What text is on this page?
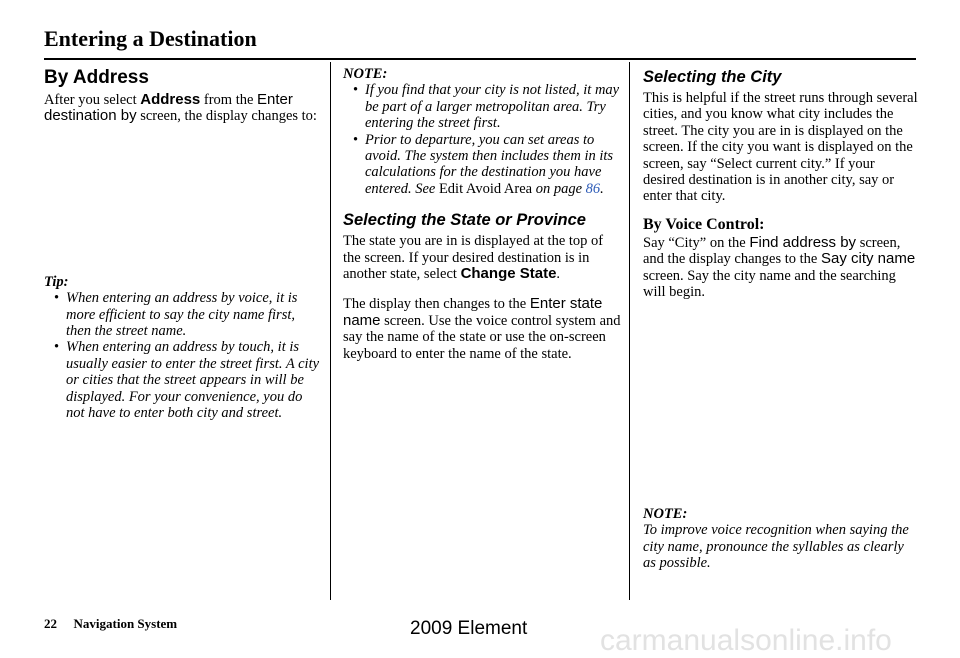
Entering a Destination
By Address

After you select Address from the Enter destination by screen, the display changes to:

Tip:
• When entering an address by voice, it is more efficient to say the city name first, then the street name.
• When entering an address by touch, it is usually easier to enter the street first. A city or cities that the street appears in will be displayed. For your convenience, you do not have to enter both city and street.
NOTE:
• If you find that your city is not listed, it may be part of a larger metropolitan area. Try entering the street first.
• Prior to departure, you can set areas to avoid. The system then includes them in its calculations for the destination you have entered. See Edit Avoid Area on page 86.
Selecting the State or Province

The state you are in is displayed at the top of the screen. If your desired destination is in another state, select Change State.

The display then changes to the Enter state name screen. Use the voice control system and say the name of the state or use the on-screen keyboard to enter the name of the state.

Selecting the City

This is helpful if the street runs through several cities, and you know what city includes the street. The city you are in is displayed on the screen. If the city you want is displayed on the screen, say “Select current city.” If your desired destination is in another city, say or enter that city.

By Voice Control:

Say “City” on the Find address by screen, and the display changes to the Say city name screen. Say the city name and the searching will begin.

NOTE:

To improve voice recognition when saying the city name, pronounce the syllables as clearly as possible.

22 Navigation System
carmanualsonline.info
2009 Element
